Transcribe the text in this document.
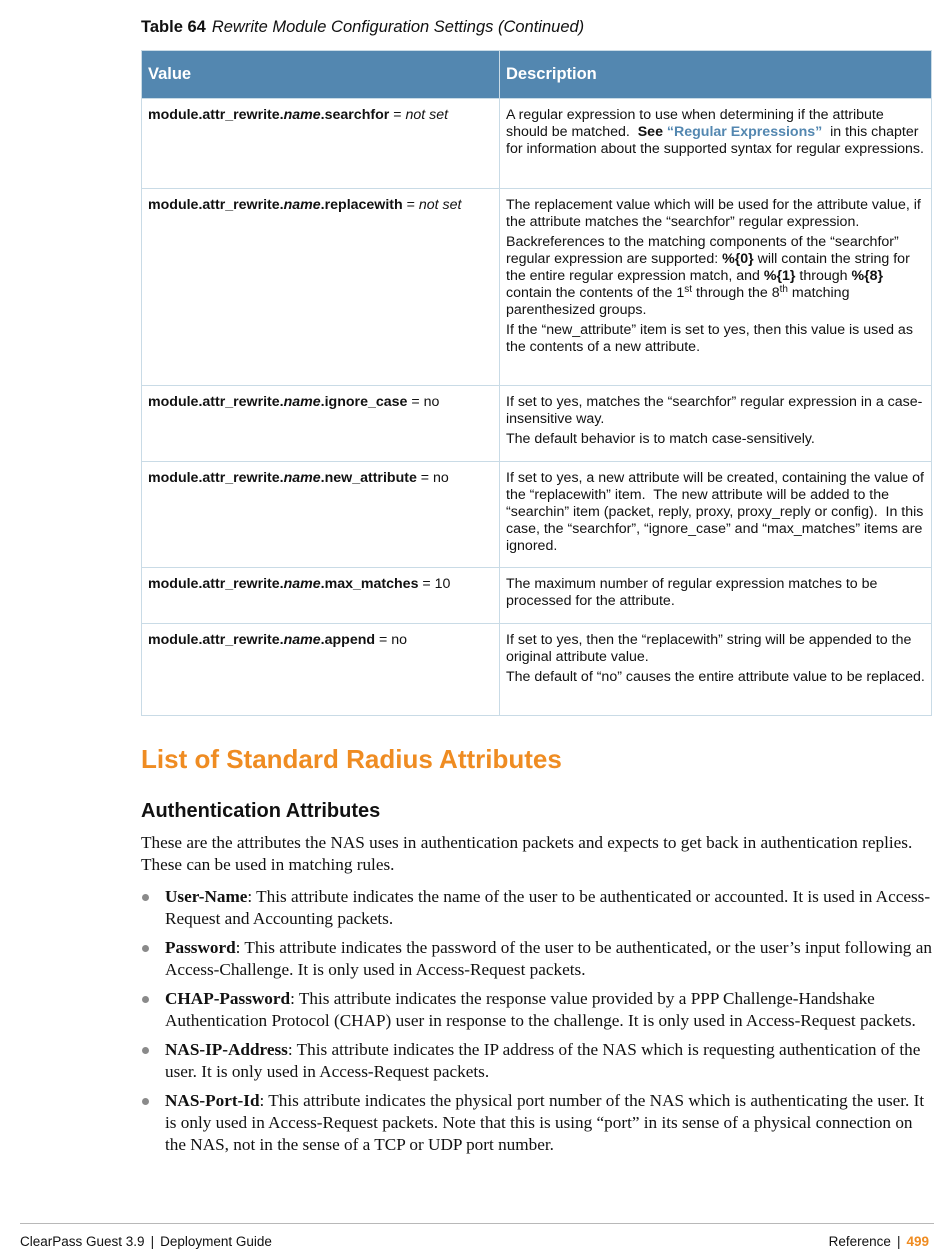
Table 64 Rewrite Module Configuration Settings (Continued)
Value	Description
module.attr_rewrite.name.searchfor = not set	A regular expression to use when determining if the attribute should be matched.  See “Regular Expressions”  in this chapter for information about the supported syntax for regular expressions.

module.attr_rewrite.name.replacewith = not set	The replacement value which will be used for the attribute value, if the attribute matches the “searchfor” regular expression.

Backreferences to the matching components of the “searchfor” regular expression are supported: %{0} will contain the string for the entire regular expression match, and %{1} through %{8} contain the contents of the 1st through the 8th matching parenthesized groups.

If the “new_attribute” item is set to yes, then this value is used as the contents of a new attribute.

module.attr_rewrite.name.ignore_case = no	If set to yes, matches the “searchfor” regular expression in a case-insensitive way.

The default behavior is to match case-sensitively.

module.attr_rewrite.name.new_attribute = no	If set to yes, a new attribute will be created, containing the value of the “replacewith” item.  The new attribute will be added to the “searchin” item (packet, reply, proxy, proxy_reply or config).  In this case, the “searchfor”, “ignore_case” and “max_matches” items are ignored.

module.attr_rewrite.name.max_matches = 10	The maximum number of regular expression matches to be processed for the attribute.

module.attr_rewrite.name.append = no	If set to yes, then the “replacewith” string will be appended to the original attribute value.

The default of “no” causes the entire attribute value to be replaced.

List of Standard Radius Attributes
Authentication Attributes

These are the attributes the NAS uses in authentication packets and expects to get back in authentication replies. These can be used in matching rules.

User-Name: This attribute indicates the name of the user to be authenticated or accounted. It is used in Access-Request and Accounting packets.
Password: This attribute indicates the password of the user to be authenticated, or the user’s input following an Access-Challenge. It is only used in Access-Request packets.
CHAP-Password: This attribute indicates the response value provided by a PPP Challenge-Handshake Authentication Protocol (CHAP) user in response to the challenge. It is only used in Access-Request packets.
NAS-IP-Address: This attribute indicates the IP address of the NAS which is requesting authentication of the user. It is only used in Access-Request packets.
NAS-Port-Id: This attribute indicates the physical port number of the NAS which is authenticating the user. It is only used in Access-Request packets. Note that this is using “port” in its sense of a physical connection on the NAS, not in the sense of a TCP or UDP port number.
ClearPass Guest 3.9 | Deployment Guide	Reference | 499
